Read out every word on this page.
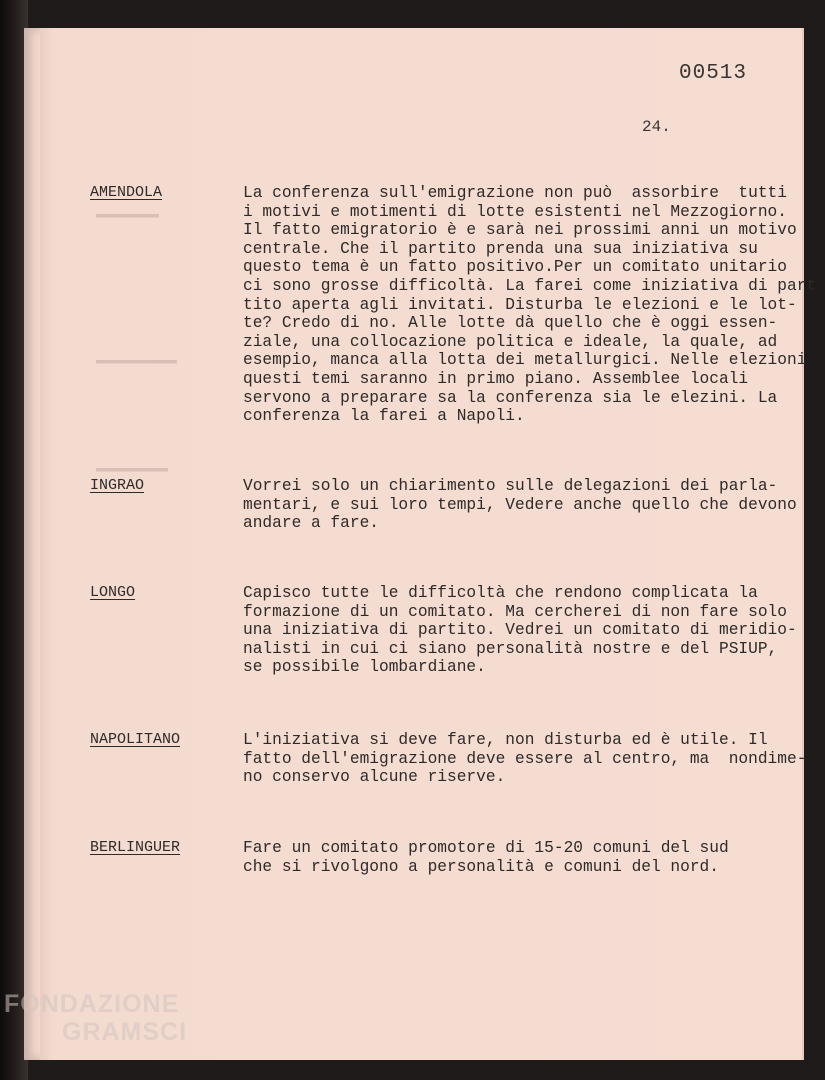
▬▬▬▬▬▬▬
▬▬▬▬▬▬▬▬▬
▬▬▬▬▬▬▬▬
00513
24.
AMENDOLA	La conferenza sull'emigrazione non può  assorbire  tutti
i motivi e motimenti di lotte esistenti nel Mezzogiorno.
Il fatto emigratorio è e sarà nei prossimi anni un motivo
centrale. Che il partito prenda una sua iniziativa su
questo tema è un fatto positivo.Per un comitato unitario
ci sono grosse difficoltà. La farei come iniziativa di part
tito aperta agli invitati. Disturba le elezioni e le lot-
te? Credo di no. Alle lotte dà quello che è oggi essen-
ziale, una collocazione politica e ideale, la quale, ad
esempio, manca alla lotta dei metallurgici. Nelle elezioni
questi temi saranno in primo piano. Assemblee locali
servono a preparare sa la conferenza sia le elezini. La
conferenza la farei a Napoli.
INGRAO	Vorrei solo un chiarimento sulle delegazioni dei parla-
mentari, e sui loro tempi, Vedere anche quello che devono
andare a fare.
LONGO	Capisco tutte le difficoltà che rendono complicata la
formazione di un comitato. Ma cercherei di non fare solo
una iniziativa di partito. Vedrei un comitato di meridio-
nalisti in cui ci siano personalità nostre e del PSIUP,
se possibile lombardiane.
NAPOLITANO	L'iniziativa si deve fare, non disturba ed è utile. Il
fatto dell'emigrazione deve essere al centro, ma  nondime-
no conservo alcune riserve.
BERLINGUER	Fare un comitato promotore di 15-20 comuni del sud
che si rivolgono a personalità e comuni del nord.
FONDAZIONE
GRAMSCI
